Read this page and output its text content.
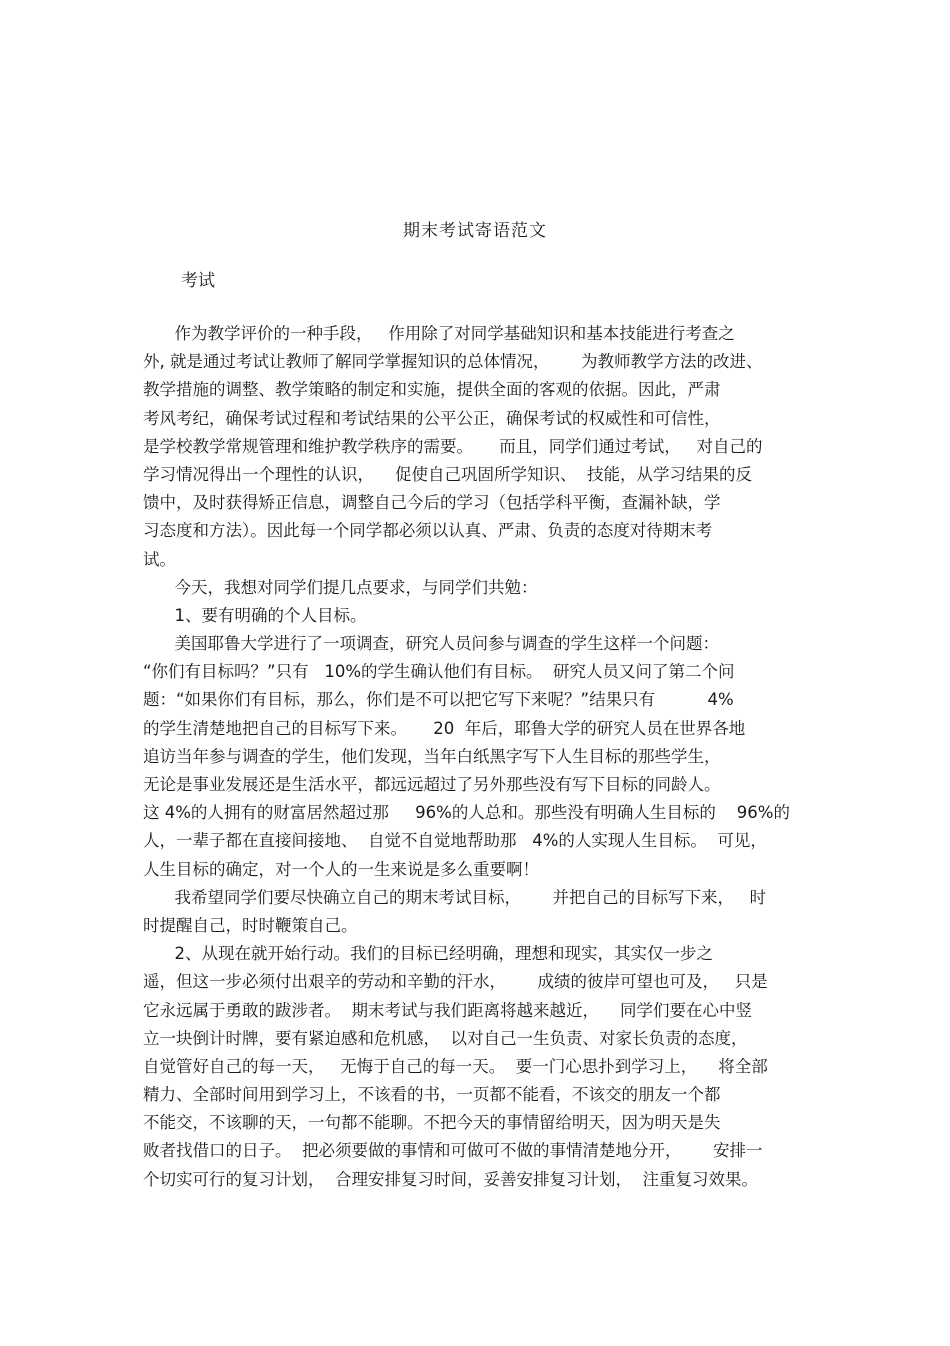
期末考试寄语范文
考试
作为教学评价的一种手段，   作用除了对同学基础知识和基本技能进行考查之
外, 就是通过考试让教师了解同学掌握知识的总体情况，      为教师教学方法的改进、
教学措施的调整、教学策略的制定和实施，提供全面的客观的依据。因此，严肃
考风考纪，确保考试过程和考试结果的公平公正，确保考试的权威性和可信性，
是学校教学常规管理和维护教学秩序的需要。     而且，同学们通过考试，   对自己的
学习情况得出一个理性的认识，    促使自己巩固所学知识、  技能，从学习结果的反
馈中，及时获得矫正信息，调整自己今后的学习（包括学科平衡，查漏补缺，学
习态度和方法）。因此每一个同学都必须以认真、严肃、负责的态度对待期末考
试。
今天，我想对同学们提几点要求，与同学们共勉：
1、要有明确的个人目标。
美国耶鲁大学进行了一项调查，研究人员问参与调查的学生这样一个问题：
“你们有目标吗？”只有   10%的学生确认他们有目标。  研究人员又问了第二个问
题：“如果你们有目标，那么，你们是不可以把它写下来呢？”结果只有          4%
的学生清楚地把自己的目标写下来。     20  年后，耶鲁大学的研究人员在世界各地
追访当年参与调查的学生，他们发现，当年白纸黑字写下人生目标的那些学生，
无论是事业发展还是生活水平，都远远超过了另外那些没有写下目标的同龄人。
这 4%的人拥有的财富居然超过那     96%的人总和。那些没有明确人生目标的    96%的
人，一辈子都在直接间接地、  自觉不自觉地帮助那   4%的人实现人生目标。  可见，
人生目标的确定，对一个人的一生来说是多么重要啊！
我希望同学们要尽快确立自己的期末考试目标，      并把自己的目标写下来，   时
时提醒自己，时时鞭策自己。
2、从现在就开始行动。我们的目标已经明确，理想和现实，其实仅一步之
遥，但这一步必须付出艰辛的劳动和辛勤的汗水，      成绩的彼岸可望也可及，   只是
它永远属于勇敢的跋涉者。  期末考试与我们距离将越来越近，    同学们要在心中竖
立一块倒计时牌，要有紧迫感和危机感，  以对自己一生负责、对家长负责的态度，
自觉管好自己的每一天，   无悔于自己的每一天。  要一门心思扑到学习上，    将全部
精力、全部时间用到学习上，不该看的书，一页都不能看，不该交的朋友一个都
不能交，不该聊的天，一句都不能聊。不把今天的事情留给明天，因为明天是失
败者找借口的日子。  把必须要做的事情和可做可不做的事情清楚地分开，      安排一
个切实可行的复习计划，  合理安排复习时间，妥善安排复习计划，  注重复习效果。
